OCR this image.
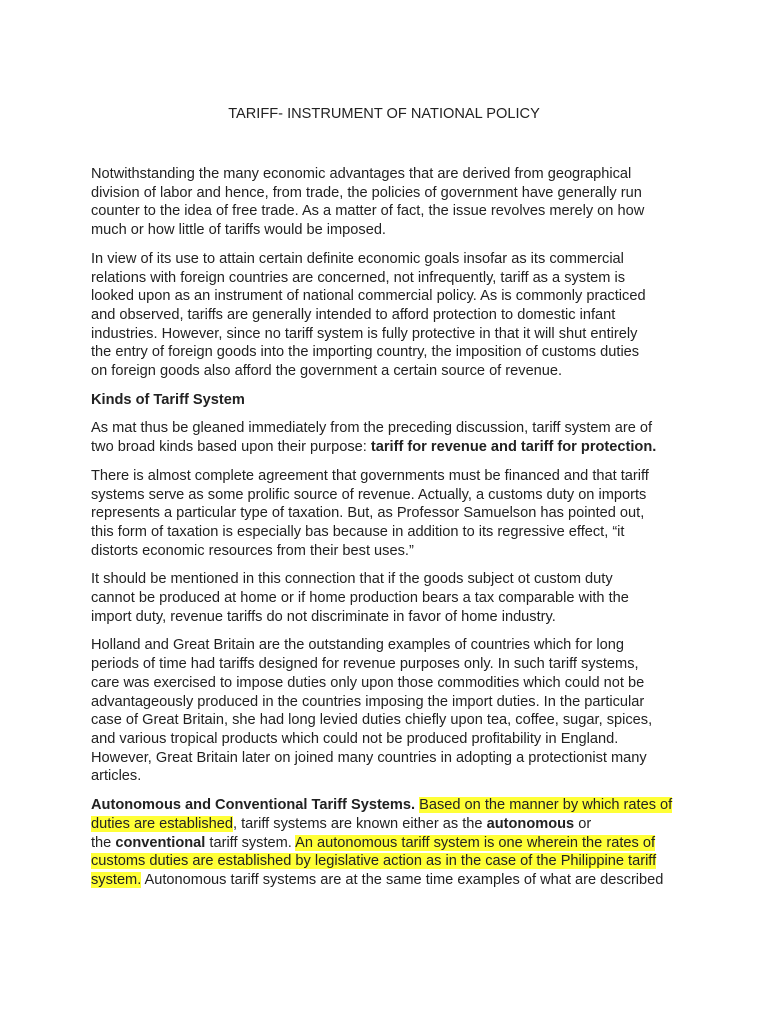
TARIFF- INSTRUMENT OF NATIONAL POLICY

Notwithstanding the many economic advantages that are derived from geographical
division of labor and hence, from trade, the policies of government have generally run
counter to the idea of free trade. As a matter of fact, the issue revolves merely on how
much or how little of tariffs would be imposed.

In view of its use to attain certain definite economic goals insofar as its commercial
relations with foreign countries are concerned, not infrequently, tariff as a system is
looked upon as an instrument of national commercial policy. As is commonly practiced
and observed, tariffs are generally intended to afford protection to domestic infant
industries. However, since no tariff system is fully protective in that it will shut entirely
the entry of foreign goods into the importing country, the imposition of customs duties
on foreign goods also afford the government a certain source of revenue.

Kinds of Tariff System

As mat thus be gleaned immediately from the preceding discussion, tariff system are of
two broad kinds based upon their purpose: tariff for revenue and tariff for protection.

There is almost complete agreement that governments must be financed and that tariff
systems serve as some prolific source of revenue. Actually, a customs duty on imports
represents a particular type of taxation. But, as Professor Samuelson has pointed out,
this form of taxation is especially bas because in addition to its regressive effect, “it
distorts economic resources from their best uses.”

It should be mentioned in this connection that if the goods subject ot custom duty
cannot be produced at home or if home production bears a tax comparable with the
import duty, revenue tariffs do not discriminate in favor of home industry.

Holland and Great Britain are the outstanding examples of countries which for long
periods of time had tariffs designed for revenue purposes only. In such tariff systems,
care was exercised to impose duties only upon those commodities which could not be
advantageously produced in the countries imposing the import duties. In the particular
case of Great Britain, she had long levied duties chiefly upon tea, coffee, sugar, spices,
and various tropical products which could not be produced profitability in England.
However, Great Britain later on joined many countries in adopting a protectionist many
articles.

Autonomous and Conventional Tariff Systems. Based on the manner by which rates of
duties are established, tariff systems are known either as the autonomous or
the conventional tariff system. An autonomous tariff system is one wherein the rates of
customs duties are established by legislative action as in the case of the Philippine tariff
system. Autonomous tariff systems are at the same time examples of what are described
